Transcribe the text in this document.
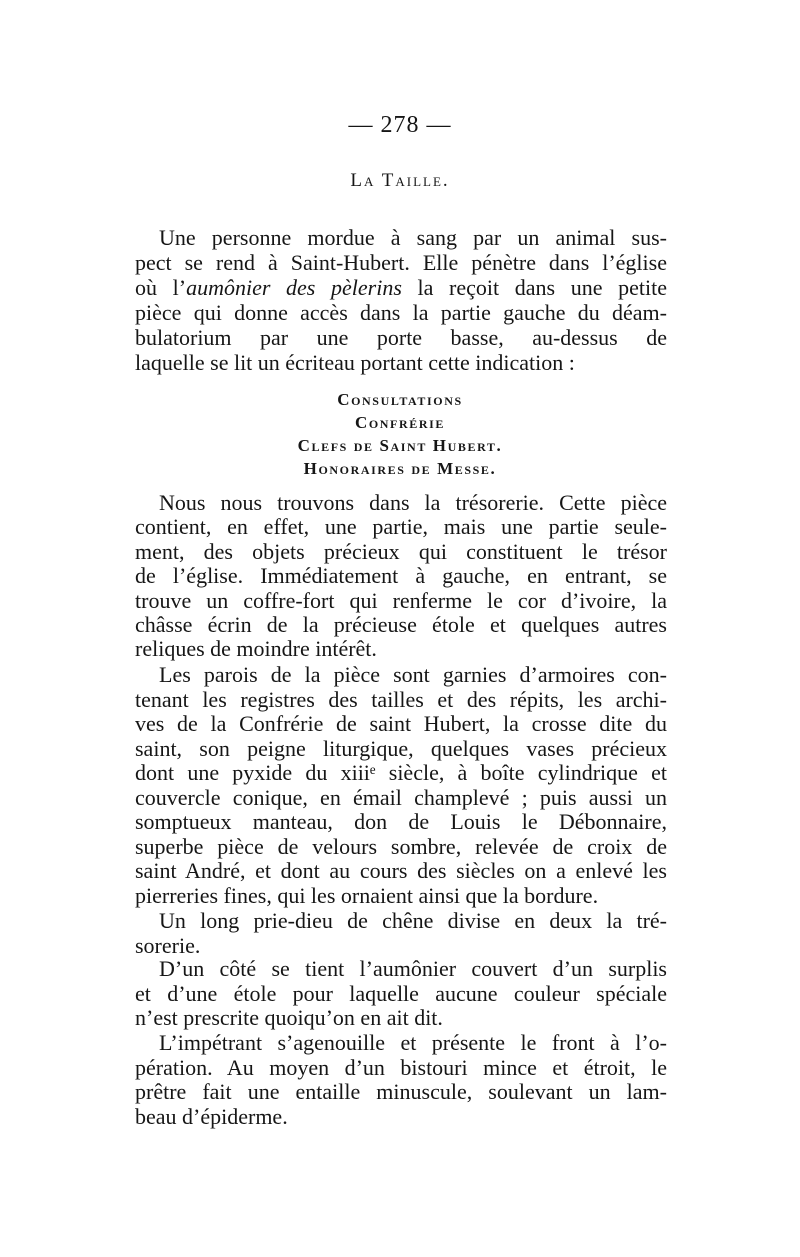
— 278 —
La Taille.
Une personne mordue à sang par un animal sus-
pect se rend à Saint-Hubert. Elle pénètre dans l’église
où l’aumônier des pèlerins la reçoit dans une petite
pièce qui donne accès dans la partie gauche du déam-
bulatorium par une porte basse, au-dessus de
laquelle se lit un écriteau portant cette indication :
Consultations
Confrérie
Clefs de Saint Hubert.
Honoraires de Messe.
Nous nous trouvons dans la trésorerie. Cette pièce
contient, en effet, une partie, mais une partie seule-
ment, des objets précieux qui constituent le trésor
de l’église. Immédiatement à gauche, en entrant, se
trouve un coffre-fort qui renferme le cor d’ivoire, la
châsse écrin de la précieuse étole et quelques autres
reliques de moindre intérêt.
Les parois de la pièce sont garnies d’armoires con-
tenant les registres des tailles et des répits, les archi-
ves de la Confrérie de saint Hubert, la crosse dite du
saint, son peigne liturgique, quelques vases précieux
dont une pyxide du xiiiᵉ siècle, à boîte cylindrique et
couvercle conique, en émail champlevé ; puis aussi un
somptueux manteau, don de Louis le Débonnaire,
superbe pièce de velours sombre, relevée de croix de
saint André, et dont au cours des siècles on a enlevé les
pierreries fines, qui les ornaient ainsi que la bordure.
Un long prie-dieu de chêne divise en deux la tré-
sorerie.
D’un côté se tient l’aumônier couvert d’un surplis
et d’une étole pour laquelle aucune couleur spéciale
n’est prescrite quoiqu’on en ait dit.
L’impétrant s’agenouille et présente le front à l’o-
pération. Au moyen d’un bistouri mince et étroit, le
prêtre fait une entaille minuscule, soulevant un lam-
beau d’épiderme.
